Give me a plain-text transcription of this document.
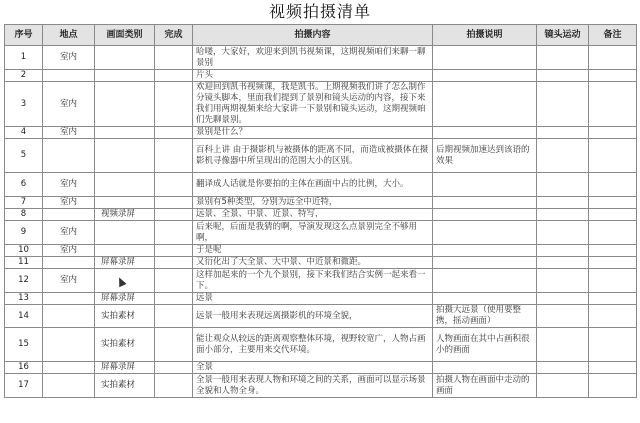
视频拍摄清单
序号	地点	画面类别	完成	拍摄内容	拍摄说明	镜头运动	备注
1	室内			哈喽，大家好，欢迎来到凯书视频课，这期视频咱们来聊一聊景别			
2				片头			
3	室内			欢迎回到凯书视频课，我是凯书。上期视频我们讲了怎么制作分镜头脚本，里面我们提到了景别和镜头运动的内容，接下来我们用两期视频来给大家讲一下景别和镜头运动，这期视频咱们先聊景别。			
4	室内			景别是什么？			
5				百科上讲 由于摄影机与被摄体的距离不同，而造成被摄体在摄影机寻像器中所呈现出的范围大小的区别。	后期视频加速达到该语的效果		
6	室内			翻译成人话就是你要拍的主体在画面中占的比例，大小。			
7	室内			景别有5种类型，分别为远全中近特，			
8		视频录屏		远景、全景、中景、近景、特写，			
9	室内			后来呢，后面是我猜的啊，导演发现这么点景别完全不够用啊，			
10	室内			于是呢			
11		屏幕录屏		又衍化出了大全景、大中景、中近景和微距。			
12	室内			这样加起来的一个九个景别，接下来我们结合实例一起来看一下。			
13		屏幕录屏		远景			
14		实拍素材		远景一般用来表现远离摄影机的环境全貌，	拍摄大远景（使用要整携，摇动画面）		
15		实拍素材		能让观众从较远的距离观察整体环境，视野较宽广，人物占画面小部分，主要用来交代环境。	人物画面在其中占画积很小的画面		
16		屏幕录屏		全景			
17		实拍素材		全景一般用来表现人物和环境之间的关系，画面可以显示场景全貌和人物全身。	拍摄人物在画面中走动的画面		
